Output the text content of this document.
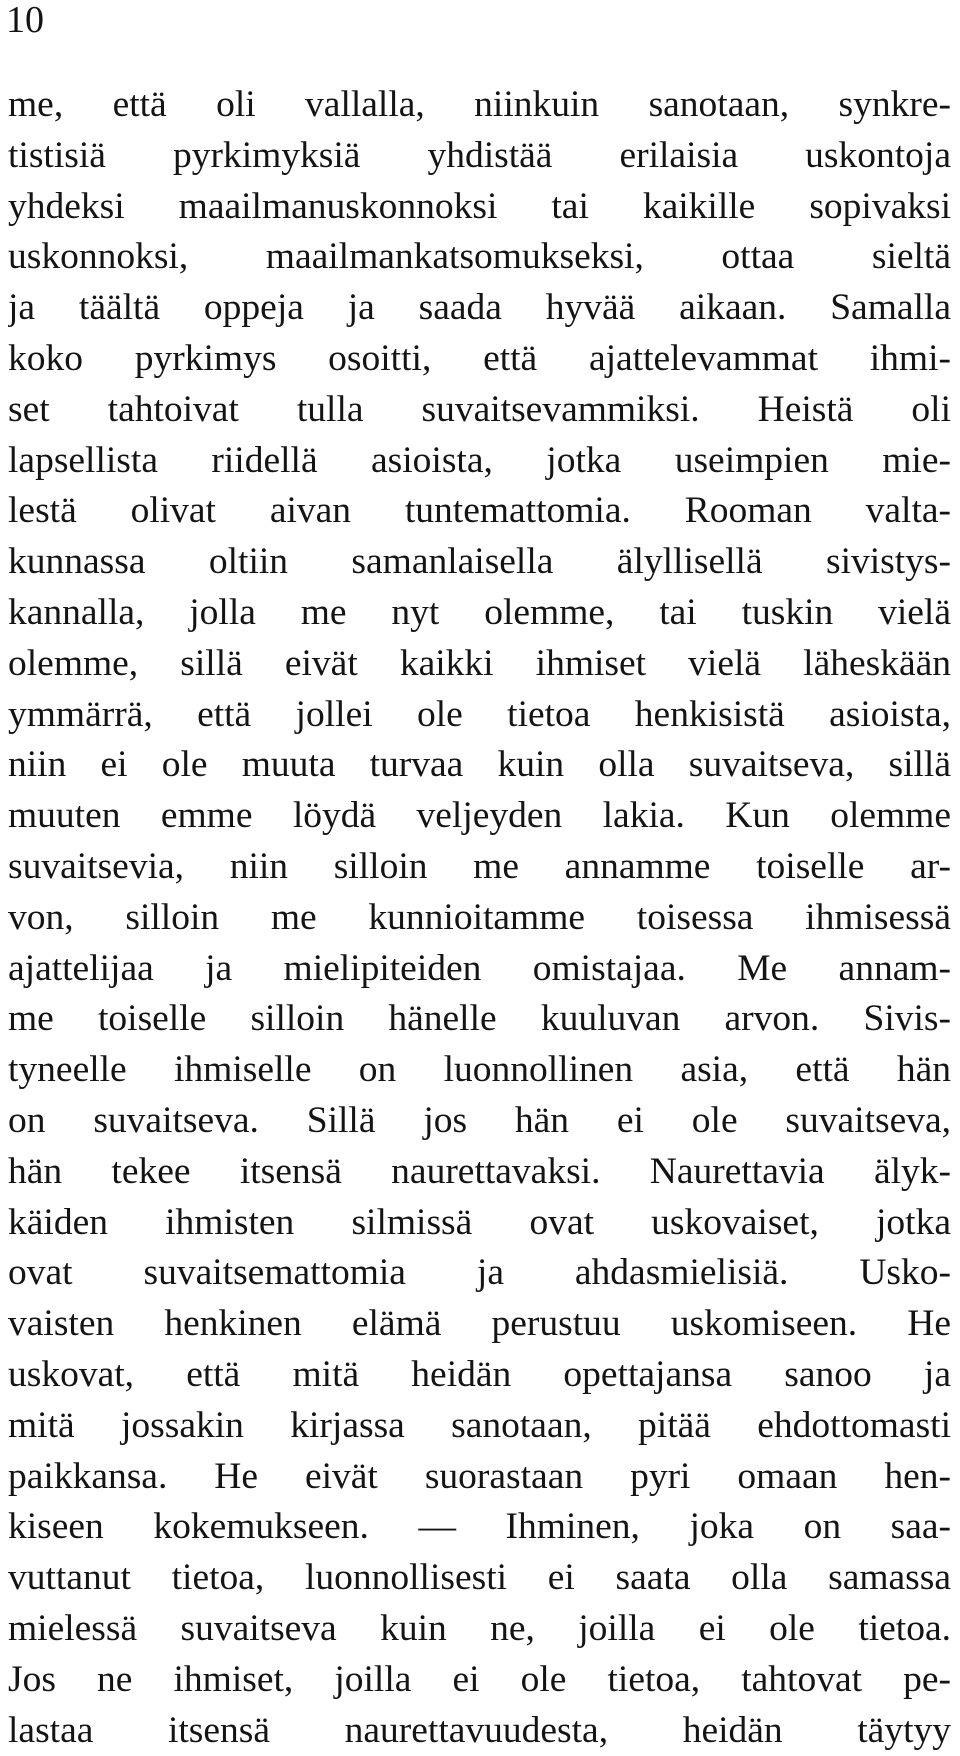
10
me, että oli vallalla, niinkuin sanotaan, synkre-
tistisiä pyrkimyksiä yhdistää erilaisia uskontoja
yhdeksi maailmanuskonnoksi tai kaikille sopivaksi
uskonnoksi, maailmankatsomukseksi, ottaa sieltä
ja täältä oppeja ja saada hyvää aikaan. Samalla
koko pyrkimys osoitti, että ajattelevammat ihmi-
set tahtoivat tulla suvaitsevammiksi. Heistä oli
lapsellista riidellä asioista, jotka useimpien mie-
lestä olivat aivan tuntemattomia. Rooman valta-
kunnassa oltiin samanlaisella älyllisellä sivistys-
kannalla, jolla me nyt olemme, tai tuskin vielä
olemme, sillä eivät kaikki ihmiset vielä läheskään
ymmärrä, että jollei ole tietoa henkisistä asioista,
niin ei ole muuta turvaa kuin olla suvaitseva, sillä
muuten emme löydä veljeyden lakia. Kun olemme
suvaitsevia, niin silloin me annamme toiselle ar-
von, silloin me kunnioitamme toisessa ihmisessä
ajattelijaa ja mielipiteiden omistajaa. Me annam-
me toiselle silloin hänelle kuuluvan arvon. Sivis-
tyneelle ihmiselle on luonnollinen asia, että hän
on suvaitseva. Sillä jos hän ei ole suvaitseva,
hän tekee itsensä naurettavaksi. Naurettavia älyk-
käiden ihmisten silmissä ovat uskovaiset, jotka
ovat suvaitsemattomia ja ahdasmielisiä. Usko-
vaisten henkinen elämä perustuu uskomiseen. He
uskovat, että mitä heidän opettajansa sanoo ja
mitä jossakin kirjassa sanotaan, pitää ehdottomasti
paikkansa. He eivät suorastaan pyri omaan hen-
kiseen kokemukseen. — Ihminen, joka on saa-
vuttanut tietoa, luonnollisesti ei saata olla samassa
mielessä suvaitseva kuin ne, joilla ei ole tietoa.
Jos ne ihmiset, joilla ei ole tietoa, tahtovat pe-
lastaa itsensä naurettavuudesta, heidän täytyy
